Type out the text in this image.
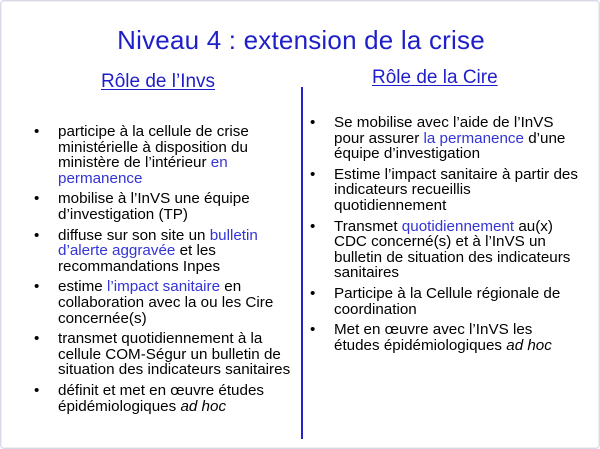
Niveau 4 : extension de la crise
Rôle de l’Invs	Rôle de la Cire
• participe à la cellule de crise ministérielle à disposition du ministère de l’intérieur en permanence
• mobilise à l’InVS une équipe d’investigation (TP)
• diffuse sur son site un bulletin d’alerte aggravée et les recommandations Inpes
• estime l’impact sanitaire en collaboration avec la ou les Cire concernée(s)
• transmet quotidiennement à la cellule COM-Ségur un bulletin de situation des indicateurs sanitaires
• définit et met en œuvre études épidémiologiques ad hoc
• Se mobilise avec l’aide de l’InVS pour assurer la permanence d’une équipe d’investigation
• Estime l’impact sanitaire à partir des indicateurs recueillis quotidiennement
• Transmet quotidiennement au(x) CDC concerné(s) et à l’InVS un bulletin de situation des indicateurs sanitaires
• Participe à la Cellule régionale de coordination
• Met en œuvre avec l’InVS les études épidémiologiques ad hoc
